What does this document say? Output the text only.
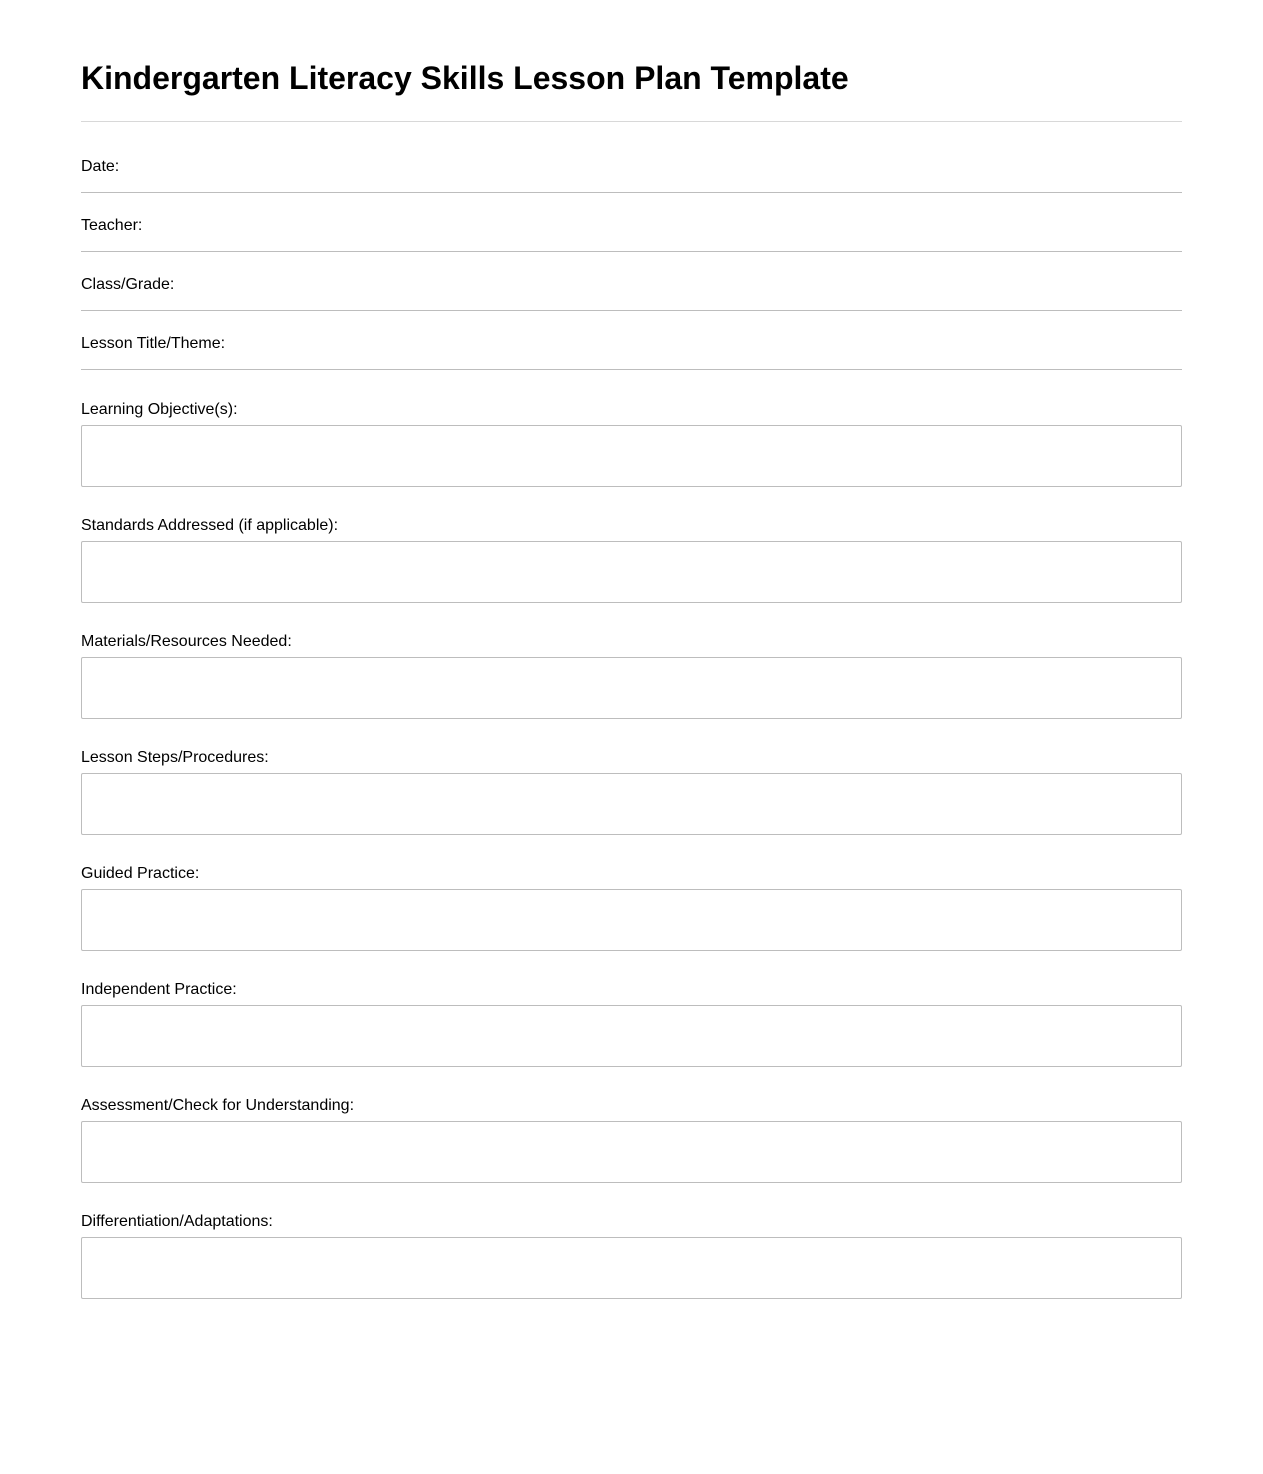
Kindergarten Literacy Skills Lesson Plan Template
Date:
Teacher:
Class/Grade:
Lesson Title/Theme:
Learning Objective(s):
Standards Addressed (if applicable):
Materials/Resources Needed:
Lesson Steps/Procedures:
Guided Practice:
Independent Practice:
Assessment/Check for Understanding:
Differentiation/Adaptations:
